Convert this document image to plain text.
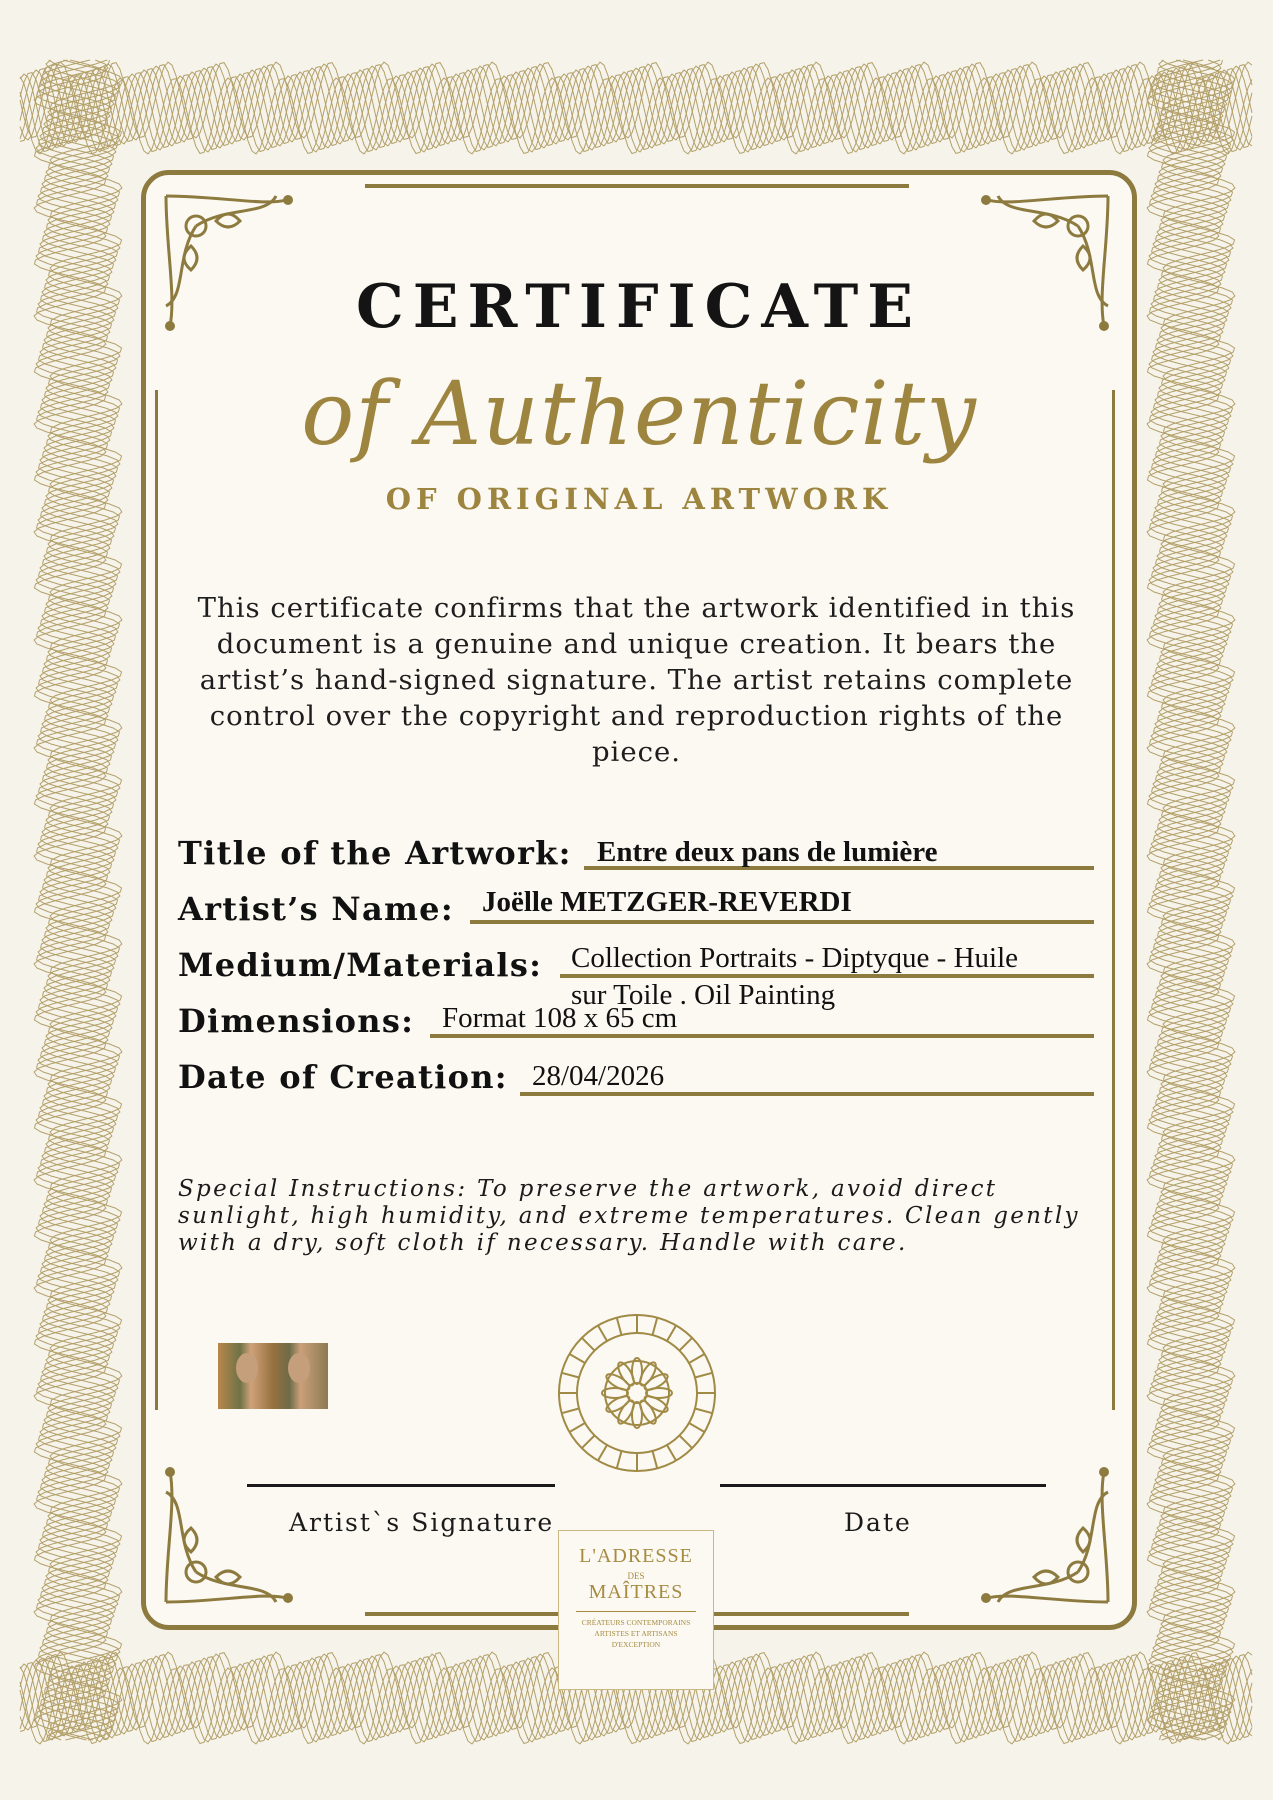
CERTIFICATE
of Authenticity
OF ORIGINAL ARTWORK
This certificate confirms that the artwork identified in this document is a genuine and unique creation. It bears the artist’s hand-signed signature. The artist retains complete control over the copyright and reproduction rights of the piece.
Title of the Artwork: Entre deux pans de lumière
Artist’s Name: Joëlle METZGER-REVERDI
Medium/Materials: Collection Portraits - Diptyque - Huile
sur Toile . Oil Painting
Dimensions: Format 108 x 65 cm
Date of Creation: 28/04/2026
Special Instructions: To preserve the artwork, avoid direct sunlight, high humidity, and extreme temperatures. Clean gently with a dry, soft cloth if necessary. Handle with care.
Artist`s Signature	Date
L'ADRESSE
DES
MAÎTRES
CRÉATEURS CONTEMPORAINS
ARTISTES ET ARTISANS
D'EXCEPTION
